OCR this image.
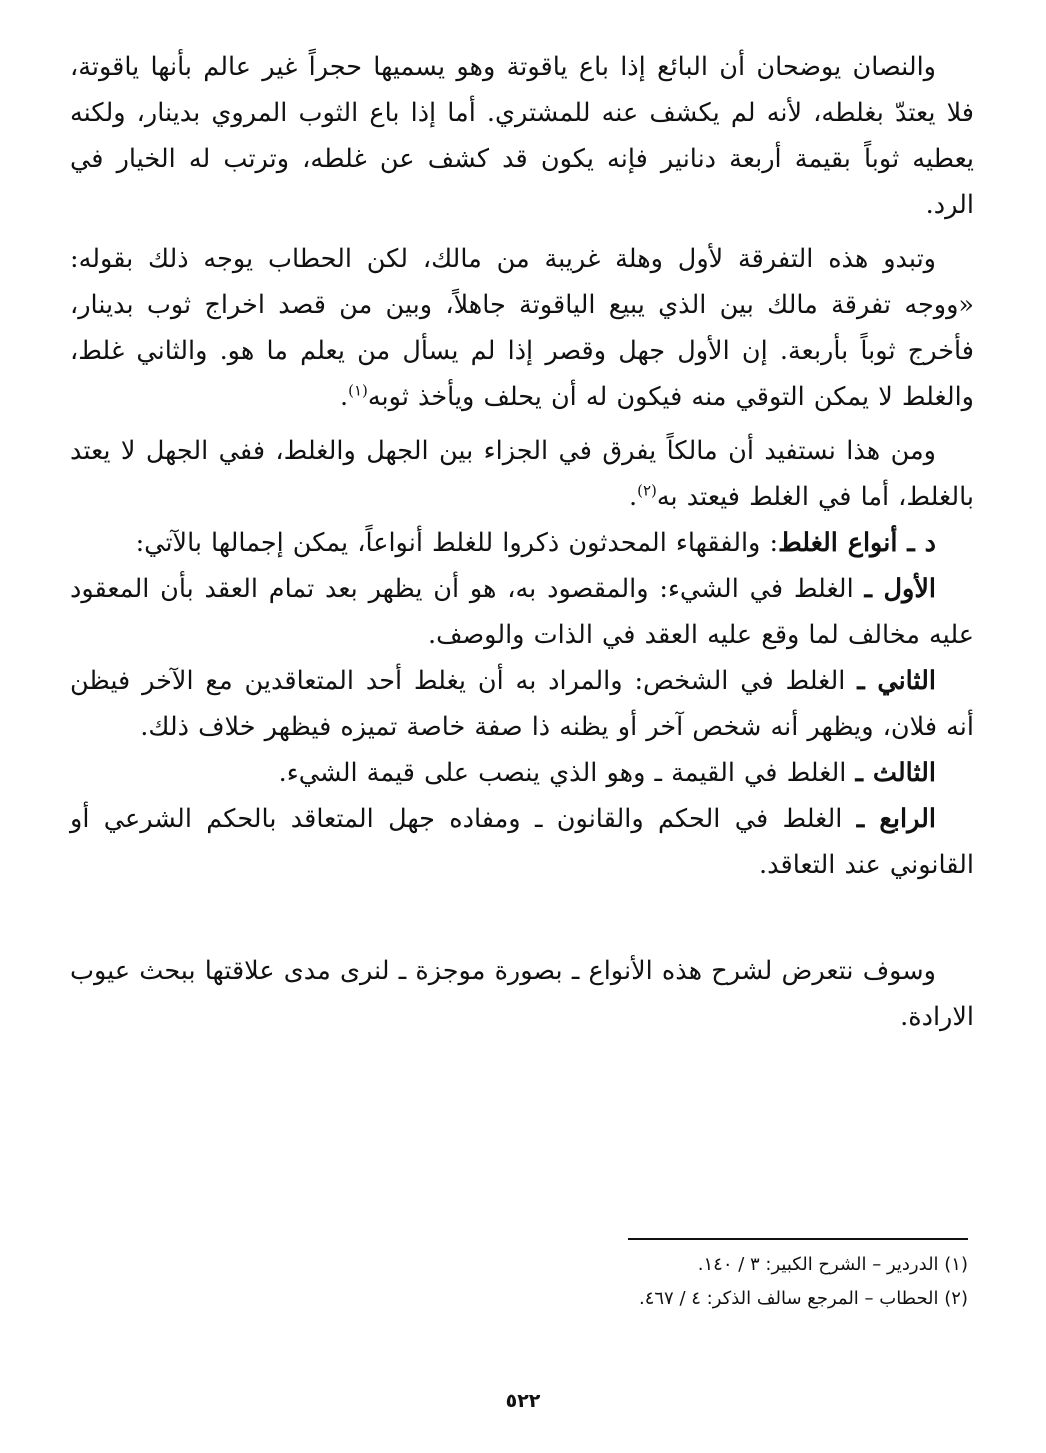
والنصان يوضحان أن البائع إذا باع ياقوتة وهو يسميها حجراً غير عالم بأنها ياقوتة، فلا يعتدّ بغلطه، لأنه لم يكشف عنه للمشتري. أما إذا باع الثوب المروي بدينار، ولكنه يعطيه ثوباً بقيمة أربعة دنانير فإنه يكون قد كشف عن غلطه، وترتب له الخيار في الرد.

وتبدو هذه التفرقة لأول وهلة غريبة من مالك، لكن الحطاب يوجه ذلك بقوله: «ووجه تفرقة مالك بين الذي يبيع الياقوتة جاهلاً، وبين من قصد اخراج ثوب بدينار، فأخرج ثوباً بأربعة. إن الأول جهل وقصر إذا لم يسأل من يعلم ما هو. والثاني غلط، والغلط لا يمكن التوقي منه فيكون له أن يحلف ويأخذ ثوبه$^{(١)}$.

ومن هذا نستفيد أن مالكاً يفرق في الجزاء بين الجهل والغلط، ففي الجهل لا يعتد بالغلط، أما في الغلط فيعتد به$^{(٢)}$.

د ـ أنواع الغلط: والفقهاء المحدثون ذكروا للغلط أنواعاً، يمكن إجمالها بالآتي:

الأول ـ الغلط في الشيء: والمقصود به، هو أن يظهر بعد تمام العقد بأن المعقود عليه مخالف لما وقع عليه العقد في الذات والوصف.

الثاني ـ الغلط في الشخص: والمراد به أن يغلط أحد المتعاقدين مع الآخر فيظن أنه فلان، ويظهر أنه شخص آخر أو يظنه ذا صفة خاصة تميزه فيظهر خلاف ذلك.

الثالث ـ الغلط في القيمة ـ وهو الذي ينصب على قيمة الشيء.

الرابع ـ الغلط في الحكم والقانون ـ ومفاده جهل المتعاقد بالحكم الشرعي أو القانوني عند التعاقد.

وسوف نتعرض لشرح هذه الأنواع ـ بصورة موجزة ـ لنرى مدى علاقتها ببحث عيوب الارادة.

(١) الدردير – الشرح الكبير: ٣ / ١٤٠.

(٢) الحطاب – المرجع سالف الذكر: ٤ / ٤٦٧.

٥٢٢
